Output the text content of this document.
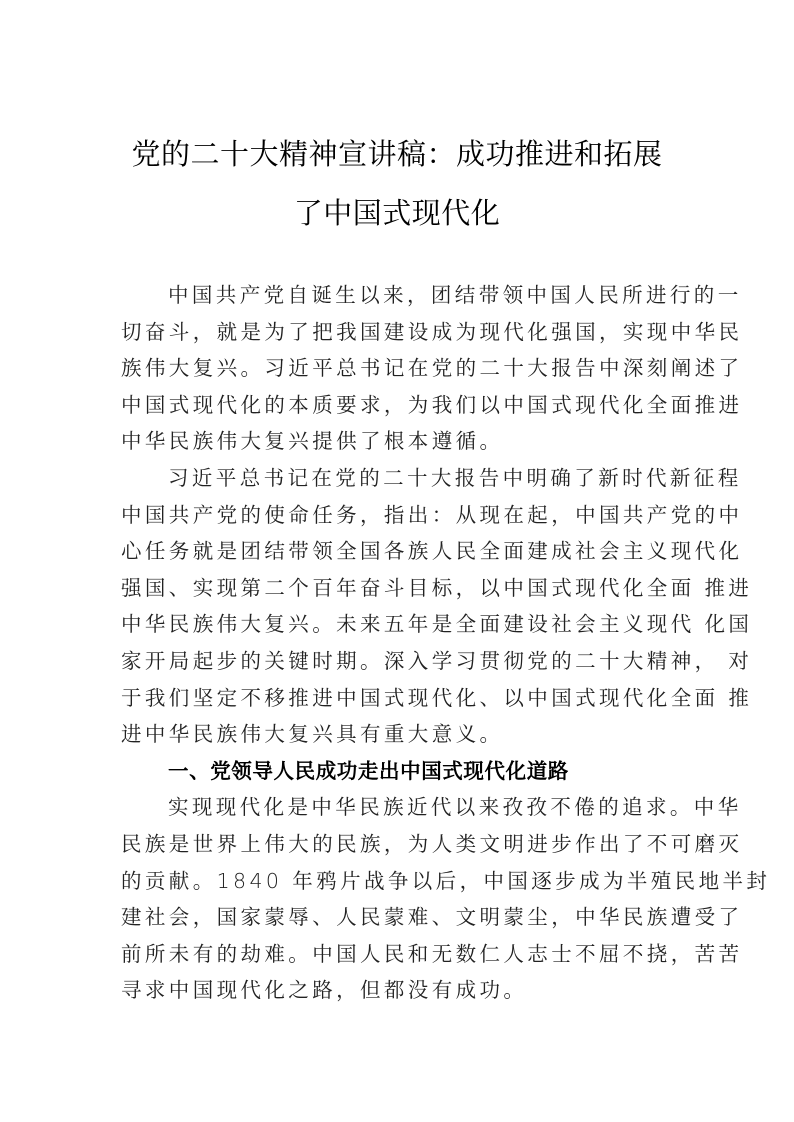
党的二十大精神宣讲稿：成功推进和拓展
了中国式现代化
中国共产党自诞生以来，团结带领中国人民所进行的一
切奋斗，就是为了把我国建设成为现代化强国，实现中华民
族伟大复兴。习近平总书记在党的二十大报告中深刻阐述了
中国式现代化的本质要求，为我们以中国式现代化全面推进
中华民族伟大复兴提供了根本遵循。
习近平总书记在党的二十大报告中明确了新时代新征程
中国共产党的使命任务，指出：从现在起，中国共产党的中
心任务就是团结带领全国各族人民全面建成社会主义现代化
强国、实现第二个百年奋斗目标，以中国式现代化全面 推进
中华民族伟大复兴。未来五年是全面建设社会主义现代 化国
家开局起步的关键时期。深入学习贯彻党的二十大精神， 对
于我们坚定不移推进中国式现代化、以中国式现代化全面 推
进中华民族伟大复兴具有重大意义。
一、党领导人民成功走出中国式现代化道路
实现现代化是中华民族近代以来孜孜不倦的追求。中华
民族是世界上伟大的民族，为人类文明进步作出了不可磨灭
的贡献。1840 年鸦片战争以后，中国逐步成为半殖民地半封
建社会，国家蒙辱、人民蒙难、文明蒙尘，中华民族遭受了
前所未有的劫难。中国人民和无数仁人志士不屈不挠，苦苦
寻求中国现代化之路，但都没有成功。
